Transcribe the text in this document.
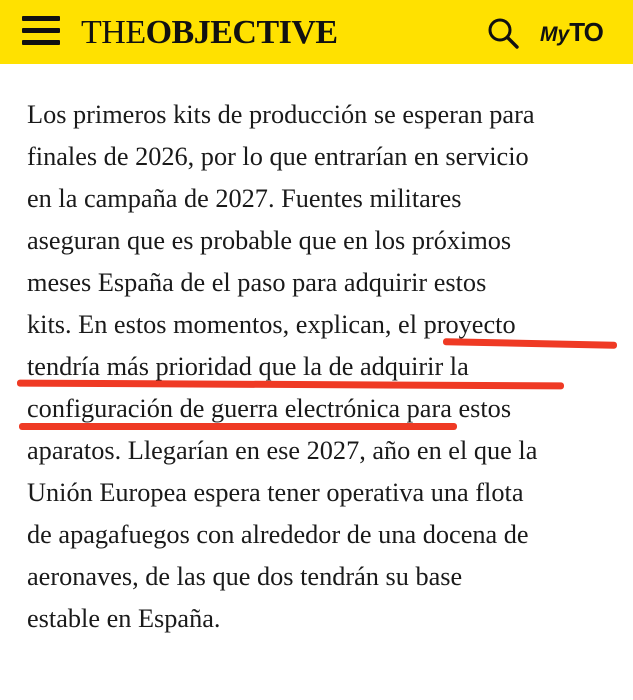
THEOBJECTIVE	MyTO
Los primeros kits de producción se esperan para
finales de 2026, por lo que entrarían en servicio
en la campaña de 2027. Fuentes militares
aseguran que es probable que en los próximos
meses España de el paso para adquirir estos
kits. En estos momentos, explican, el proyecto
tendría más prioridad que la de adquirir la
configuración de guerra electrónica para estos
aparatos. Llegarían en ese 2027, año en el que la
Unión Europea espera tener operativa una flota
de apagafuegos con alrededor de una docena de
aeronaves, de las que dos tendrán su base
estable en España.
